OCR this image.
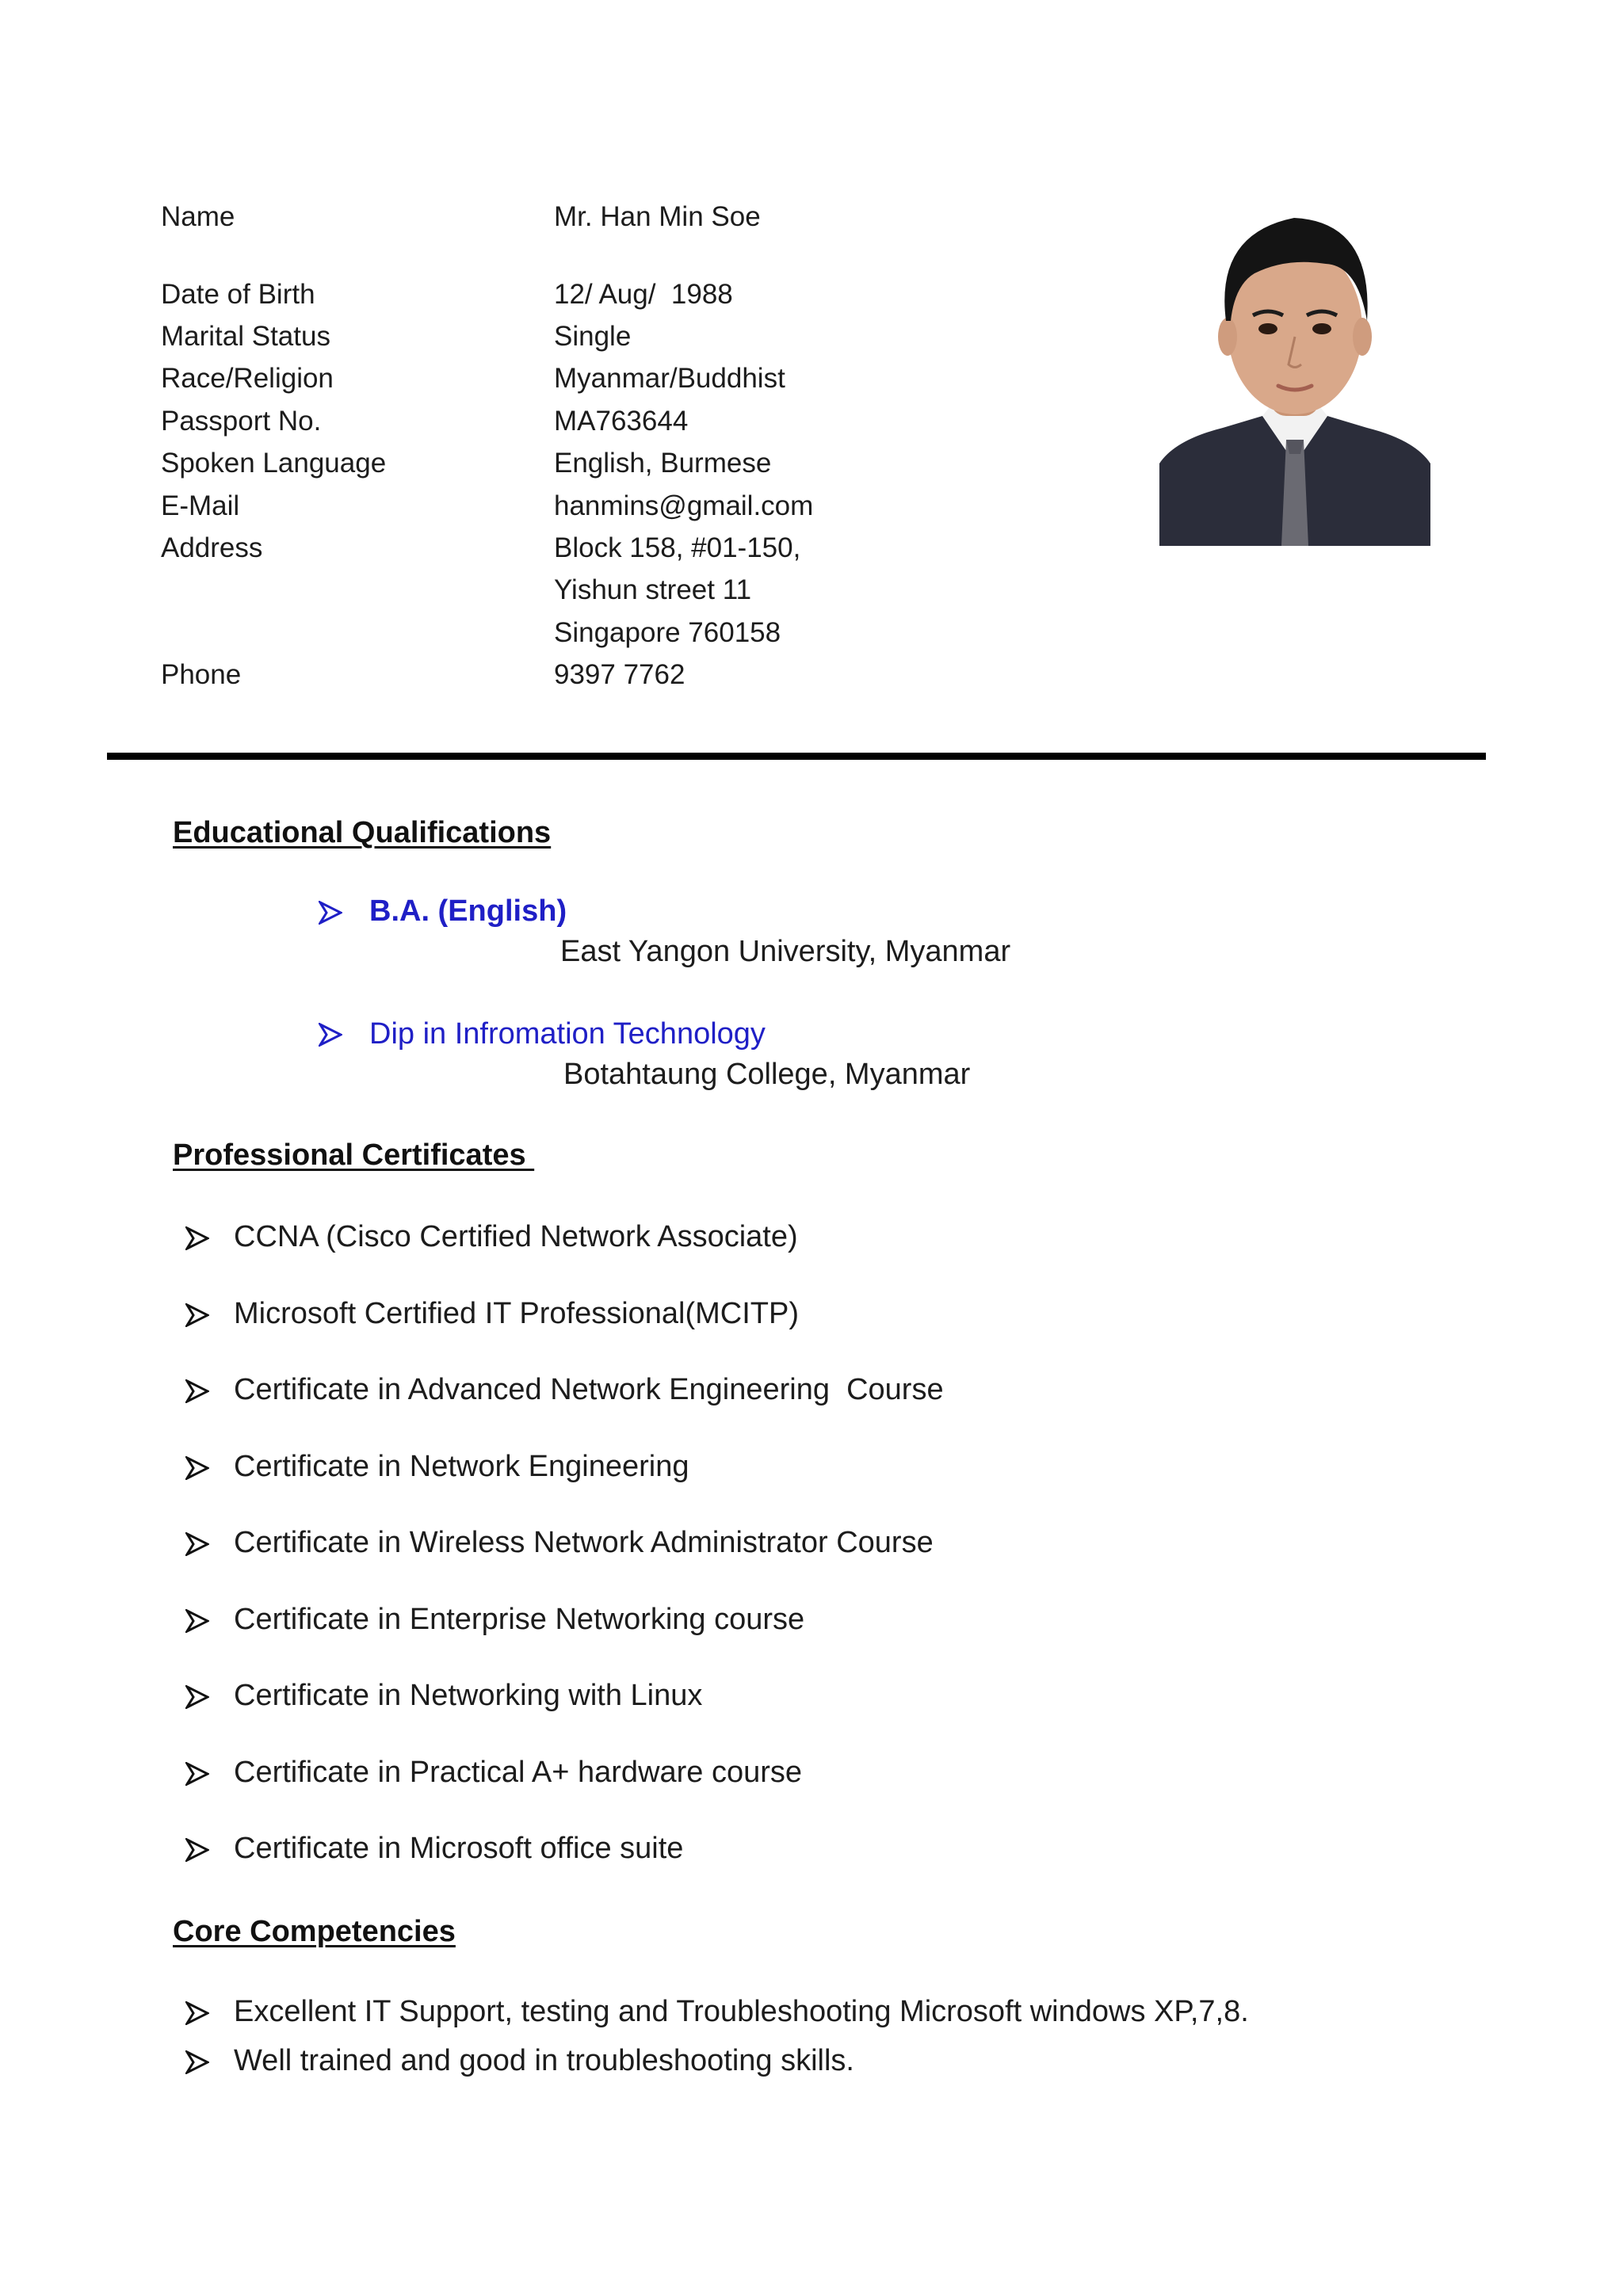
Name	Mr. Han Min Soe
Date of Birth	12/ Aug/  1988
Marital Status	Single
Race/Religion	Myanmar/Buddhist
Passport No.	MA763644
Spoken Language	English, Burmese
E-Mail	hanmins@gmail.com
Address	Block 158, #01-150,
Yishun street 11
Singapore 760158
Phone	9397 7762
Educational Qualifications
B.A. (English)
East Yangon University, Myanmar
Dip in Infromation Technology
Botahtaung College, Myanmar
Professional Certificates
CCNA (Cisco Certified Network Associate)
Microsoft Certified IT Professional(MCITP)
Certificate in Advanced Network Engineering  Course
Certificate in Network Engineering
Certificate in Wireless Network Administrator Course
Certificate in Enterprise Networking course
Certificate in Networking with Linux
Certificate in Practical A+ hardware course
Certificate in Microsoft office suite
Core Competencies
Excellent IT Support, testing and Troubleshooting Microsoft windows XP,7,8.
Well trained and good in troubleshooting skills.
